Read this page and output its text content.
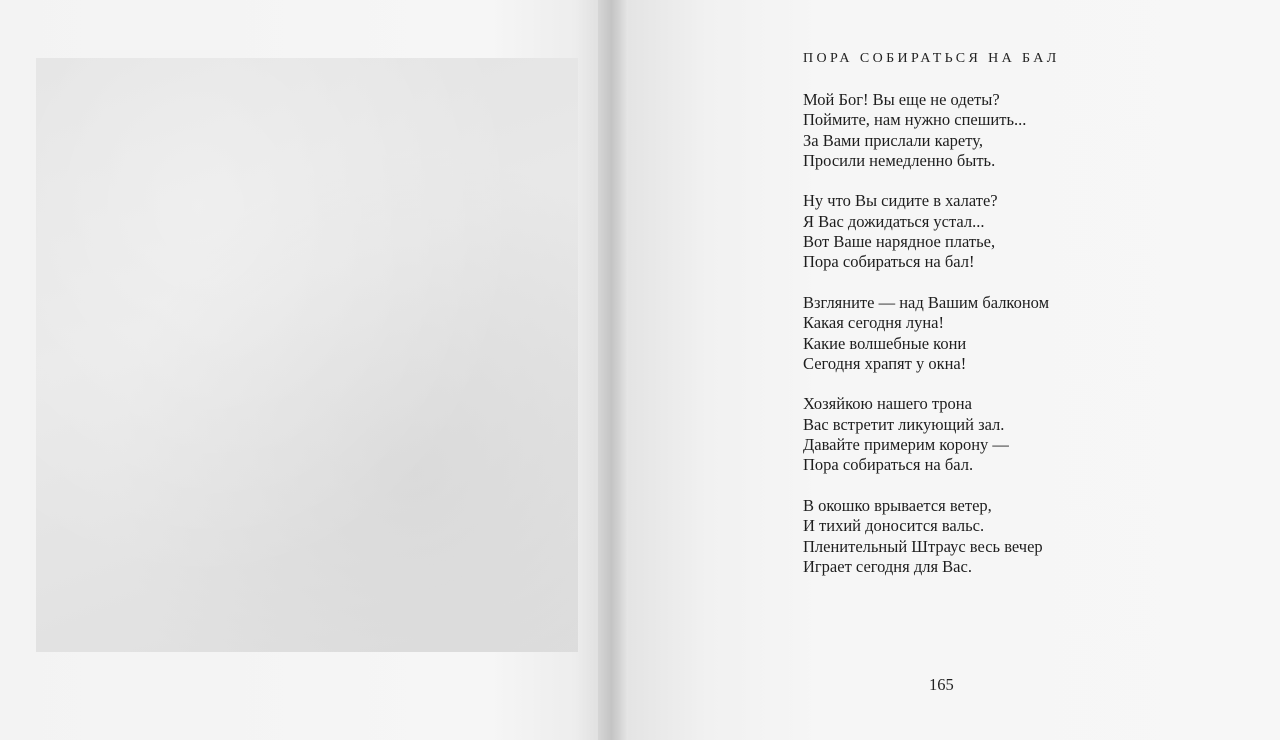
ПОРА СОБИРАТЬСЯ НА БАЛ
Мой Бог! Вы еще не одеты?
Поймите, нам нужно спешить...
За Вами прислали карету,
Просили немедленно быть.
Ну что Вы сидите в халате?
Я Вас дожидаться устал...
Вот Ваше нарядное платье,
Пора собираться на бал!
Взгляните — над Вашим балконом
Какая сегодня луна!
Какие волшебные кони
Сегодня храпят у окна!
Хозяйкою нашего трона
Вас встретит ликующий зал.
Давайте примерим корону —
Пора собираться на бал.
В окошко врывается ветер,
И тихий доносится вальс.
Пленительный Штраус весь вечер
Играет сегодня для Вас.
165
